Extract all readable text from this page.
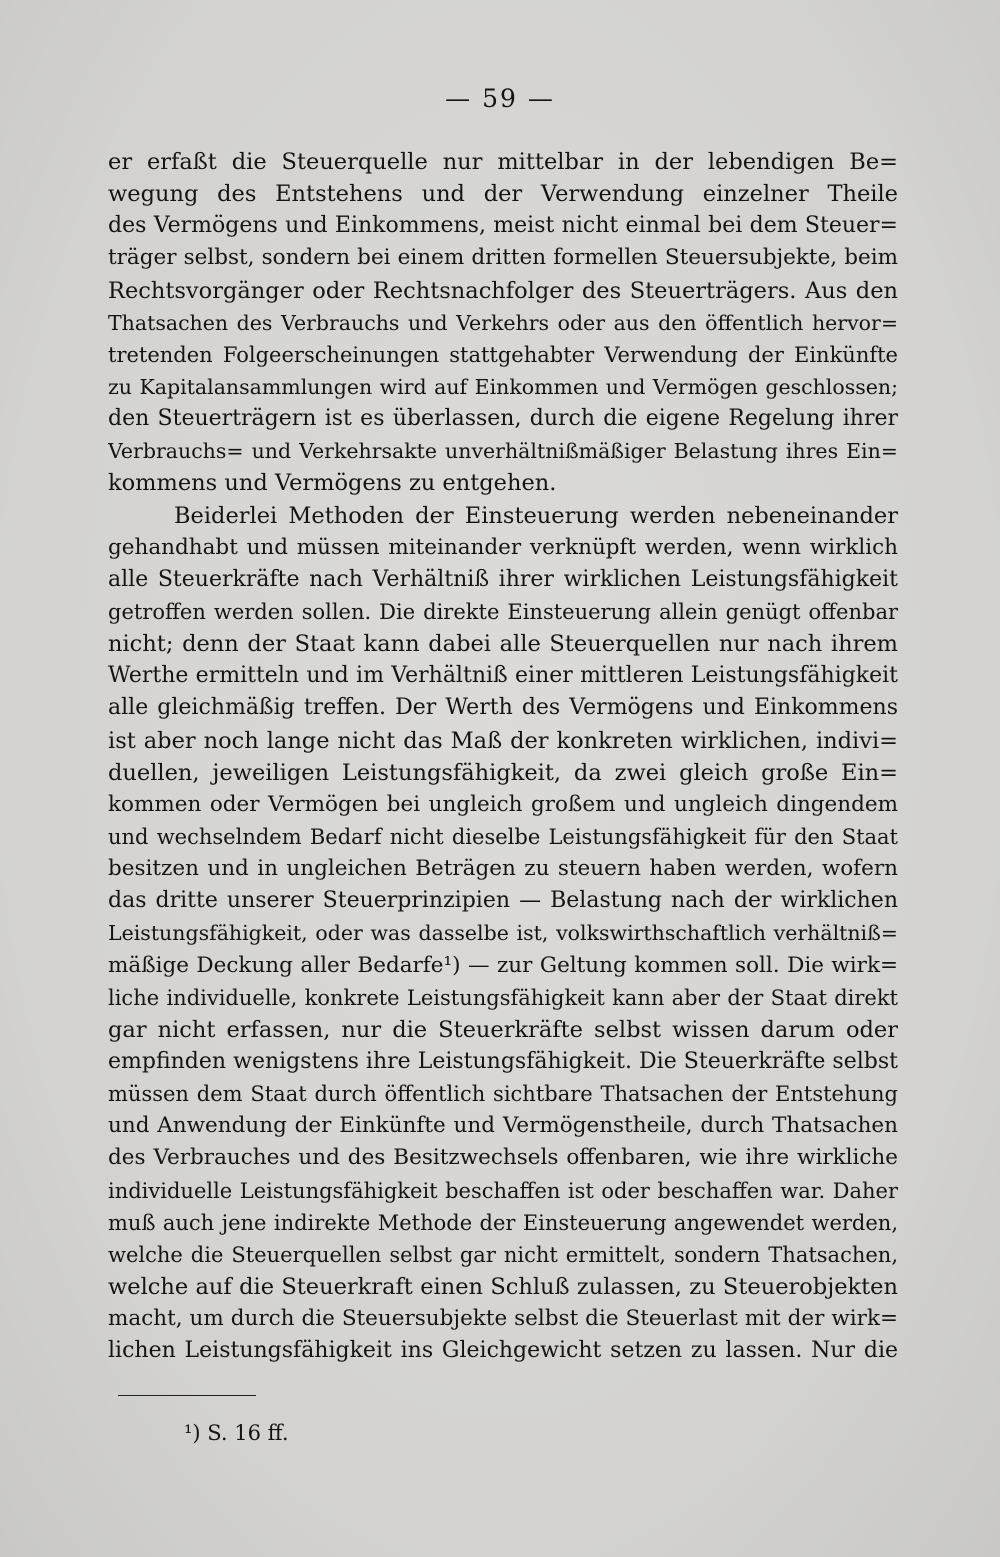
— 59 —

er erfaßt die Steuerquelle nur mittelbar in der lebendigen Be=
wegung des Entstehens und der Verwendung einzelner Theile
des Vermögens und Einkommens, meist nicht einmal bei dem Steuer=
träger selbst, sondern bei einem dritten formellen Steuersubjekte, beim
Rechtsvorgänger oder Rechtsnachfolger des Steuerträgers. Aus den
Thatsachen des Verbrauchs und Verkehrs oder aus den öffentlich hervor=
tretenden Folgeerscheinungen stattgehabter Verwendung der Einkünfte
zu Kapitalansammlungen wird auf Einkommen und Vermögen geschlossen;
den Steuerträgern ist es überlassen, durch die eigene Regelung ihrer
Verbrauchs= und Verkehrsakte unverhältnißmäßiger Belastung ihres Ein=
kommens und Vermögens zu entgehen.
Beiderlei Methoden der Einsteuerung werden nebeneinander
gehandhabt und müssen miteinander verknüpft werden, wenn wirklich
alle Steuerkräfte nach Verhältniß ihrer wirklichen Leistungsfähigkeit
getroffen werden sollen. Die direkte Einsteuerung allein genügt offenbar
nicht; denn der Staat kann dabei alle Steuerquellen nur nach ihrem
Werthe ermitteln und im Verhältniß einer mittleren Leistungsfähigkeit
alle gleichmäßig treffen. Der Werth des Vermögens und Einkommens
ist aber noch lange nicht das Maß der konkreten wirklichen, indivi=
duellen, jeweiligen Leistungsfähigkeit, da zwei gleich große Ein=
kommen oder Vermögen bei ungleich großem und ungleich dingendem
und wechselndem Bedarf nicht dieselbe Leistungsfähigkeit für den Staat
besitzen und in ungleichen Beträgen zu steuern haben werden, wofern
das dritte unserer Steuerprinzipien — Belastung nach der wirklichen
Leistungsfähigkeit, oder was dasselbe ist, volkswirthschaftlich verhältniß=
mäßige Deckung aller Bedarfe¹) — zur Geltung kommen soll. Die wirk=
liche individuelle, konkrete Leistungsfähigkeit kann aber der Staat direkt
gar nicht erfassen, nur die Steuerkräfte selbst wissen darum oder
empfinden wenigstens ihre Leistungsfähigkeit. Die Steuerkräfte selbst
müssen dem Staat durch öffentlich sichtbare Thatsachen der Entstehung
und Anwendung der Einkünfte und Vermögenstheile, durch Thatsachen
des Verbrauches und des Besitzwechsels offenbaren, wie ihre wirkliche
individuelle Leistungsfähigkeit beschaffen ist oder beschaffen war. Daher
muß auch jene indirekte Methode der Einsteuerung angewendet werden,
welche die Steuerquellen selbst gar nicht ermittelt, sondern Thatsachen,
welche auf die Steuerkraft einen Schluß zulassen, zu Steuerobjekten
macht, um durch die Steuersubjekte selbst die Steuerlast mit der wirk=
lichen Leistungsfähigkeit ins Gleichgewicht setzen zu lassen. Nur die

¹) S. 16 ff.
